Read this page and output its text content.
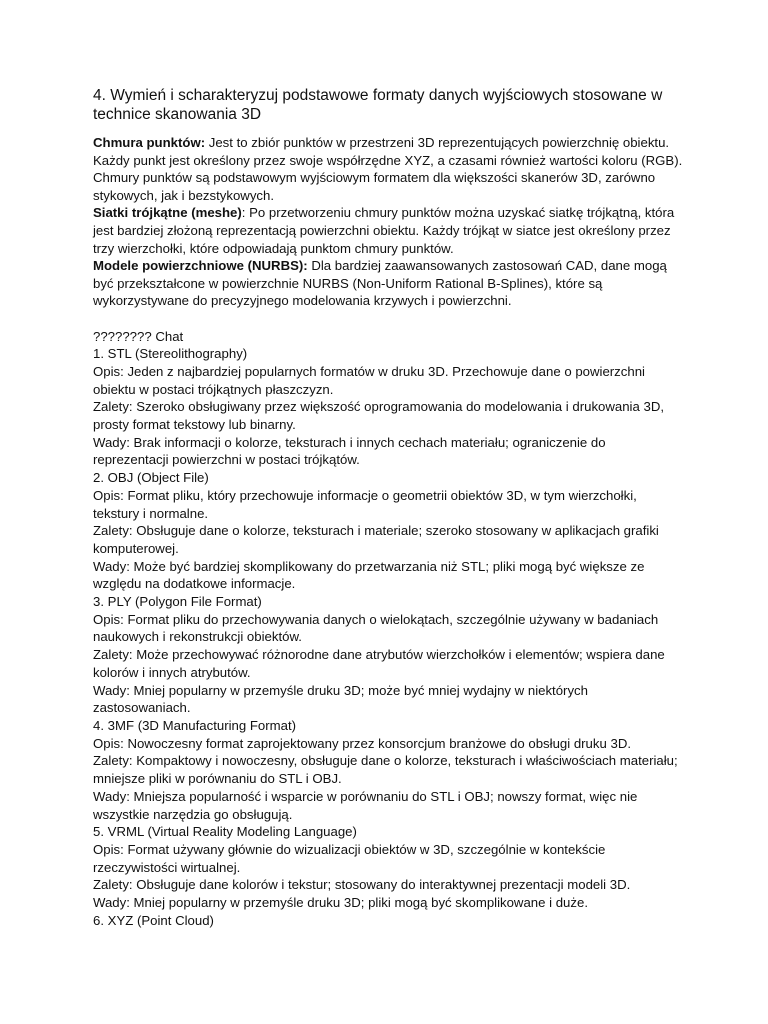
4. Wymień i scharakteryzuj podstawowe formaty danych wyjściowych stosowane w technice skanowania 3D

Chmura punktów: Jest to zbiór punktów w przestrzeni 3D reprezentujących powierzchnię obiektu. Każdy punkt jest określony przez swoje współrzędne XYZ, a czasami również wartości koloru (RGB). Chmury punktów są podstawowym wyjściowym formatem dla większości skanerów 3D, zarówno stykowych, jak i bezstykowych.

Siatki trójkątne (meshe): Po przetworzeniu chmury punktów można uzyskać siatkę trójkątną, która jest bardziej złożoną reprezentacją powierzchni obiektu. Każdy trójkąt w siatce jest określony przez trzy wierzchołki, które odpowiadają punktom chmury punktów.

Modele powierzchniowe (NURBS): Dla bardziej zaawansowanych zastosowań CAD, dane mogą być przekształcone w powierzchnie NURBS (Non-Uniform Rational B-Splines), które są wykorzystywane do precyzyjnego modelowania krzywych i powierzchni.

???????? Chat

1. STL (Stereolithography)

Opis: Jeden z najbardziej popularnych formatów w druku 3D. Przechowuje dane o powierzchni obiektu w postaci trójkątnych płaszczyzn.

Zalety: Szeroko obsługiwany przez większość oprogramowania do modelowania i drukowania 3D, prosty format tekstowy lub binarny.

Wady: Brak informacji o kolorze, teksturach i innych cechach materiału; ograniczenie do reprezentacji powierzchni w postaci trójkątów.

2. OBJ (Object File)

Opis: Format pliku, który przechowuje informacje o geometrii obiektów 3D, w tym wierzchołki, tekstury i normalne.

Zalety: Obsługuje dane o kolorze, teksturach i materiale; szeroko stosowany w aplikacjach grafiki komputerowej.

Wady: Może być bardziej skomplikowany do przetwarzania niż STL; pliki mogą być większe ze względu na dodatkowe informacje.

3. PLY (Polygon File Format)

Opis: Format pliku do przechowywania danych o wielokątach, szczególnie używany w badaniach naukowych i rekonstrukcji obiektów.

Zalety: Może przechowywać różnorodne dane atrybutów wierzchołków i elementów; wspiera dane kolorów i innych atrybutów.

Wady: Mniej popularny w przemyśle druku 3D; może być mniej wydajny w niektórych zastosowaniach.

4. 3MF (3D Manufacturing Format)

Opis: Nowoczesny format zaprojektowany przez konsorcjum branżowe do obsługi druku 3D.

Zalety: Kompaktowy i nowoczesny, obsługuje dane o kolorze, teksturach i właściwościach materiału; mniejsze pliki w porównaniu do STL i OBJ.

Wady: Mniejsza popularność i wsparcie w porównaniu do STL i OBJ; nowszy format, więc nie wszystkie narzędzia go obsługują.

5. VRML (Virtual Reality Modeling Language)

Opis: Format używany głównie do wizualizacji obiektów w 3D, szczególnie w kontekście rzeczywistości wirtualnej.

Zalety: Obsługuje dane kolorów i tekstur; stosowany do interaktywnej prezentacji modeli 3D.

Wady: Mniej popularny w przemyśle druku 3D; pliki mogą być skomplikowane i duże.

6. XYZ (Point Cloud)
